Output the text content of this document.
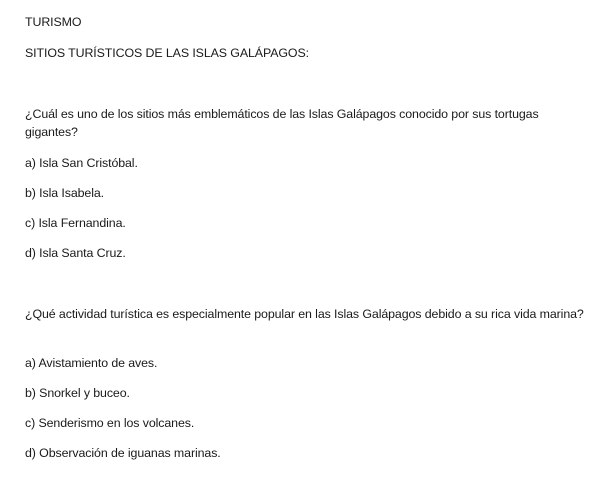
TURISMO
SITIOS TURÍSTICOS DE LAS ISLAS GALÁPAGOS:
¿Cuál es uno de los sitios más emblemáticos de las Islas Galápagos conocido por sus tortugas gigantes?
a) Isla San Cristóbal.
b) Isla Isabela.
c) Isla Fernandina.
d) Isla Santa Cruz.
¿Qué actividad turística es especialmente popular en las Islas Galápagos debido a su rica vida marina?
a) Avistamiento de aves.
b) Snorkel y buceo.
c) Senderismo en los volcanes.
d) Observación de iguanas marinas.
